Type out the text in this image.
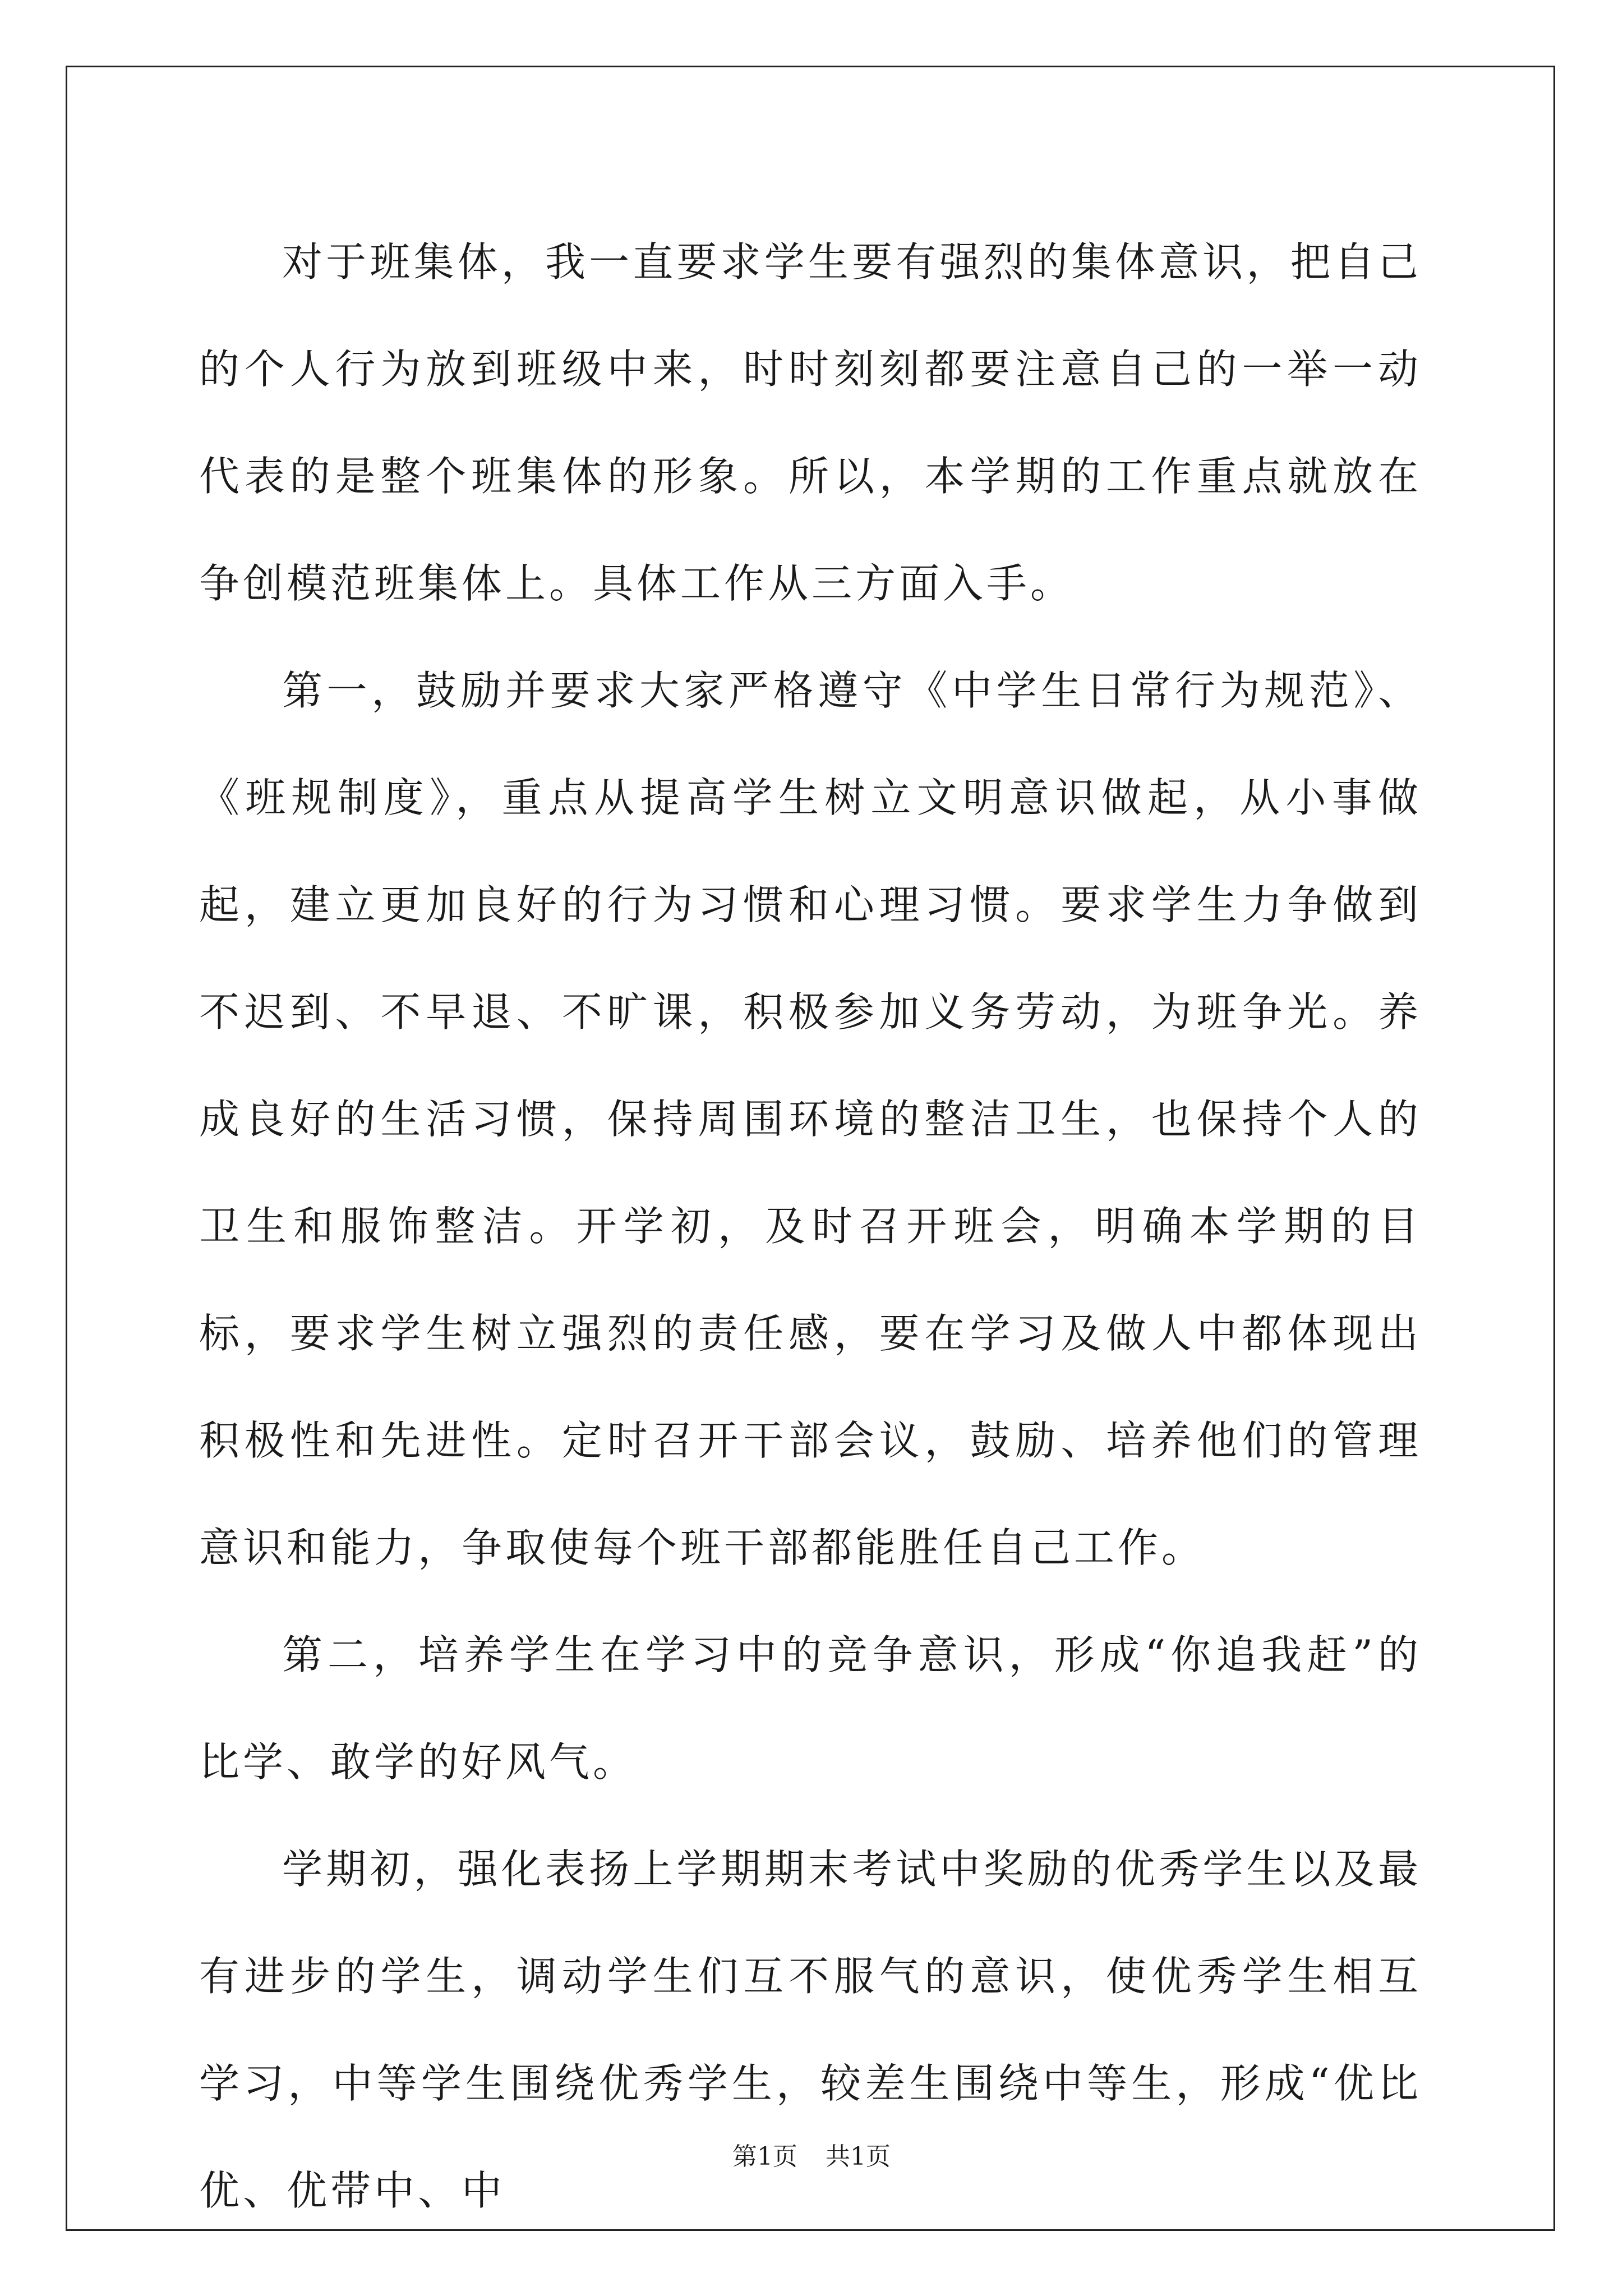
对于班集体，我一直要求学生要有强烈的集体意识，把自己的个人行为放到班级中来，时时刻刻都要注意自己的一举一动代表的是整个班集体的形象。所以，本学期的工作重点就放在争创模范班集体上。具体工作从三方面入手。

第一，鼓励并要求大家严格遵守《中学生日常行为规范》、《班规制度》，重点从提高学生树立文明意识做起，从小事做起，建立更加良好的行为习惯和心理习惯。要求学生力争做到不迟到、不早退、不旷课，积极参加义务劳动，为班争光。养成良好的生活习惯，保持周围环境的整洁卫生，也保持个人的卫生和服饰整洁。开学初，及时召开班会，明确本学期的目标，要求学生树立强烈的责任感，要在学习及做人中都体现出积极性和先进性。定时召开干部会议，鼓励、培养他们的管理意识和能力，争取使每个班干部都能胜任自己工作。

第二，培养学生在学习中的竞争意识，形成“你追我赶”的比学、敢学的好风气。

学期初，强化表扬上学期期末考试中奖励的优秀学生以及最有进步的学生，调动学生们互不服气的意识，使优秀学生相互学习，中等学生围绕优秀学生，较差生围绕中等生，形成“优比优、优带中、中

第1页 共1页
